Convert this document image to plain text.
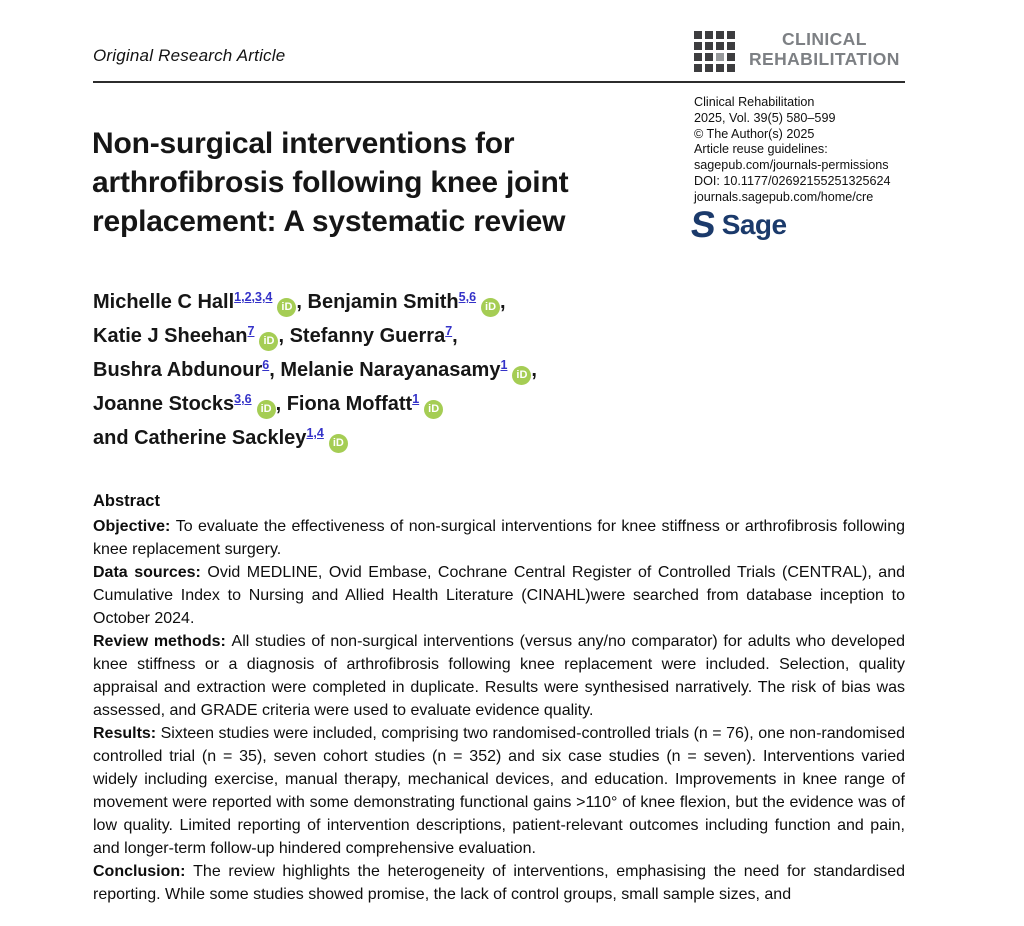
Original Research Article
CLINICAL
REHABILITATION
Non-surgical interventions for
arthrofibrosis following knee joint
replacement: A systematic review
Clinical Rehabilitation
2025, Vol. 39(5) 580–599
© The Author(s) 2025
Article reuse guidelines:
sagepub.com/journals-permissions
DOI: 10.1177/02692155251325624
journals.sagepub.com/home/cre
S Sage
Michelle C Hall$^{1,2,3,4}$iD , Benjamin Smith$^{5,6}$iD ,
Katie J Sheehan$^7$iD , Stefanny Guerra$^7$,
Bushra Abdunour$^6$, Melanie Narayanasamy$^1$iD ,
Joanne Stocks$^{3,6}$iD , Fiona Moffatt$^1$iD
and Catherine Sackley$^{1,4}$iD
Abstract

Objective: To evaluate the effectiveness of non-surgical interventions for knee stiffness or arthrofibrosis following knee replacement surgery.

Data sources: Ovid MEDLINE, Ovid Embase, Cochrane Central Register of Controlled Trials (CENTRAL), and Cumulative Index to Nursing and Allied Health Literature (CINAHL)were searched from database inception to October 2024.

Review methods: All studies of non-surgical interventions (versus any/no comparator) for adults who developed knee stiffness or a diagnosis of arthrofibrosis following knee replacement were included. Selection, quality appraisal and extraction were completed in duplicate. Results were synthesised narratively. The risk of bias was assessed, and GRADE criteria were used to evaluate evidence quality.

Results: Sixteen studies were included, comprising two randomised-controlled trials (n = 76), one non-randomised controlled trial (n = 35), seven cohort studies (n = 352) and six case studies (n = seven). Interventions varied widely including exercise, manual therapy, mechanical devices, and education. Improvements in knee range of movement were reported with some demonstrating functional gains >110° of knee flexion, but the evidence was of low quality. Limited reporting of intervention descriptions, patient-relevant outcomes including function and pain, and longer-term follow-up hindered comprehensive evaluation.

Conclusion: The review highlights the heterogeneity of interventions, emphasising the need for standardised reporting. While some studies showed promise, the lack of control groups, small sample sizes, and
